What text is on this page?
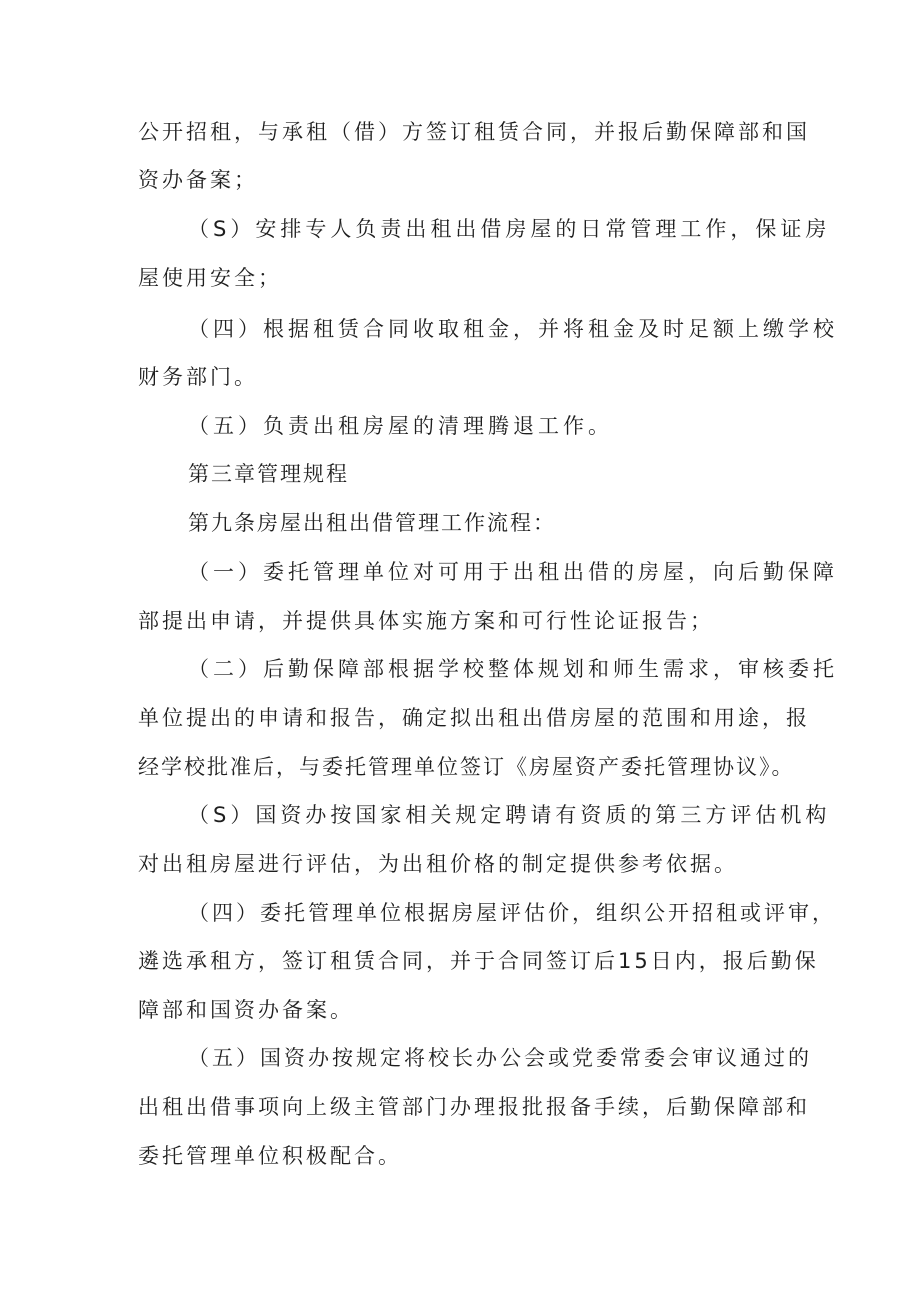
公开招租，与承租（借）方签订租赁合同，并报后勤保障部和国
资办备案；
（S）安排专人负责出租出借房屋的日常管理工作，保证房
屋使用安全；
（四）根据租赁合同收取租金，并将租金及时足额上缴学校
财务部门。
（五）负责出租房屋的清理腾退工作。
第三章管理规程
第九条房屋出租出借管理工作流程：
（一）委托管理单位对可用于出租出借的房屋，向后勤保障
部提出申请，并提供具体实施方案和可行性论证报告；
（二）后勤保障部根据学校整体规划和师生需求，审核委托
单位提出的申请和报告，确定拟出租出借房屋的范围和用途，报
经学校批准后，与委托管理单位签订《房屋资产委托管理协议》。
（S）国资办按国家相关规定聘请有资质的第三方评估机构
对出租房屋进行评估，为出租价格的制定提供参考依据。
（四）委托管理单位根据房屋评估价，组织公开招租或评审，
遴选承租方，签订租赁合同，并于合同签订后15日内，报后勤保
障部和国资办备案。
（五）国资办按规定将校长办公会或党委常委会审议通过的
出租出借事项向上级主管部门办理报批报备手续，后勤保障部和
委托管理单位积极配合。
